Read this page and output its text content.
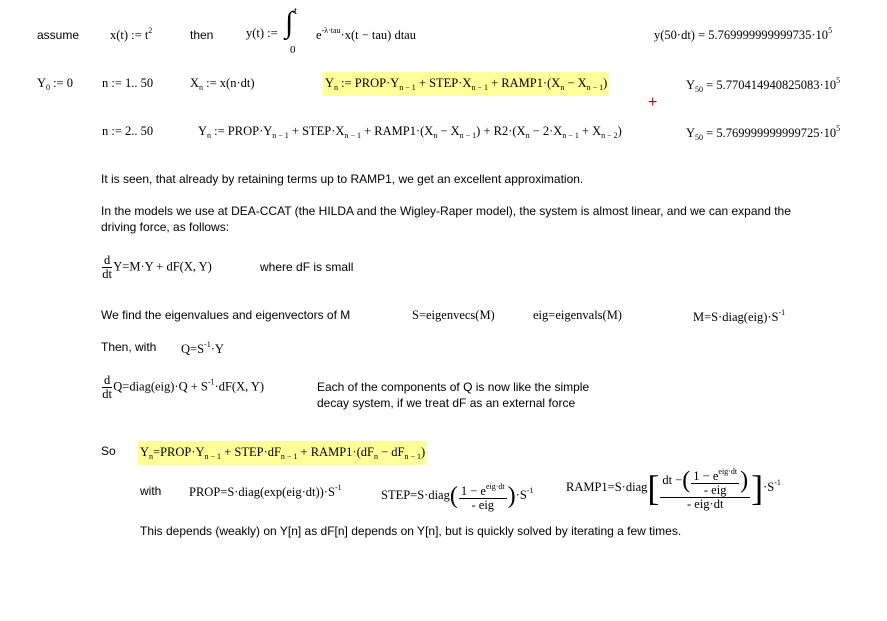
assume x(t) := $t^2$	then	y(t) := ∫ t
0
$e^{-\lambda\cdot tau}\cdot x(t - tau)$ dtau	$y(50\cdot dt) = 5.769999999999735\cdot 10^5$
$Y_0$ := 0 n := 1.. 50	$X_n$ := x(n·dt)	$Y_n$ := $PROP\cdot Y_{n - 1}$ + $STEP\cdot X_{n - 1}$ + $RAMP1\cdot(X_n - X_{n - 1})$	$Y_{50} = 5.770414940825083\cdot 10^5$
+
n := 2.. 50	$Y_n$ := $PROP\cdot Y_{n - 1}$ + $STEP\cdot X_{n - 1}$ + $RAMP1\cdot(X_n - X_{n - 1}) + R2\cdot(X_n - 2\cdot X_{n - 1} + X_{n - 2})$	$Y_{50} = 5.769999999999725\cdot 10^5$
It is seen, that already by retaining terms up to RAMP1, we get an excellent approximation.
In the models we use at DEA-CCAT (the HILDA and the Wigley-Raper model), the system is almost linear, and we can expand the
driving force, as follows:
$\frac{d}{dt} Y=M\cdot Y + dF(X$, Y)	where dF is small
We find the eigenvalues and eigenvectors of M	S=eigenvecs(M)	eig=eigenvals(M)	$M=S\cdot diag(eig)\cdot S^{-1}$
Then, with $Q=S^{-1}\cdot Y$
$\frac{d}{dt}$ Q=diag(eig)·Q + $S^{-1}\cdot dF(X$, Y)	Each of the components of Q is now like the simple
decay system, if we treat dF as an external force
So $Y_n=PROP\cdot Y_{n - 1}$ + $STEP\cdot dF_{n - 1}$ + $RAMP1\cdot(dF_n - dF_{n - 1})$
with $PROP=S\cdot diag(\exp(eig\cdot dt))\cdot S^{-1}$
STEP=S·diag( $\frac{1 - e^{eig\cdot dt}}{\text{- eig}} )\cdot S^{-1}$	RAMP1=S·diag[ $\frac{dt -( \frac{1 - e^{eig\cdot dt}}{\text{- eig}} )}{\text{- eig·dt}} ]\cdot S^{-1}$
This depends (weakly) on Y[n] as dF[n] depends on Y[n], but is quickly solved by iterating a few times.
